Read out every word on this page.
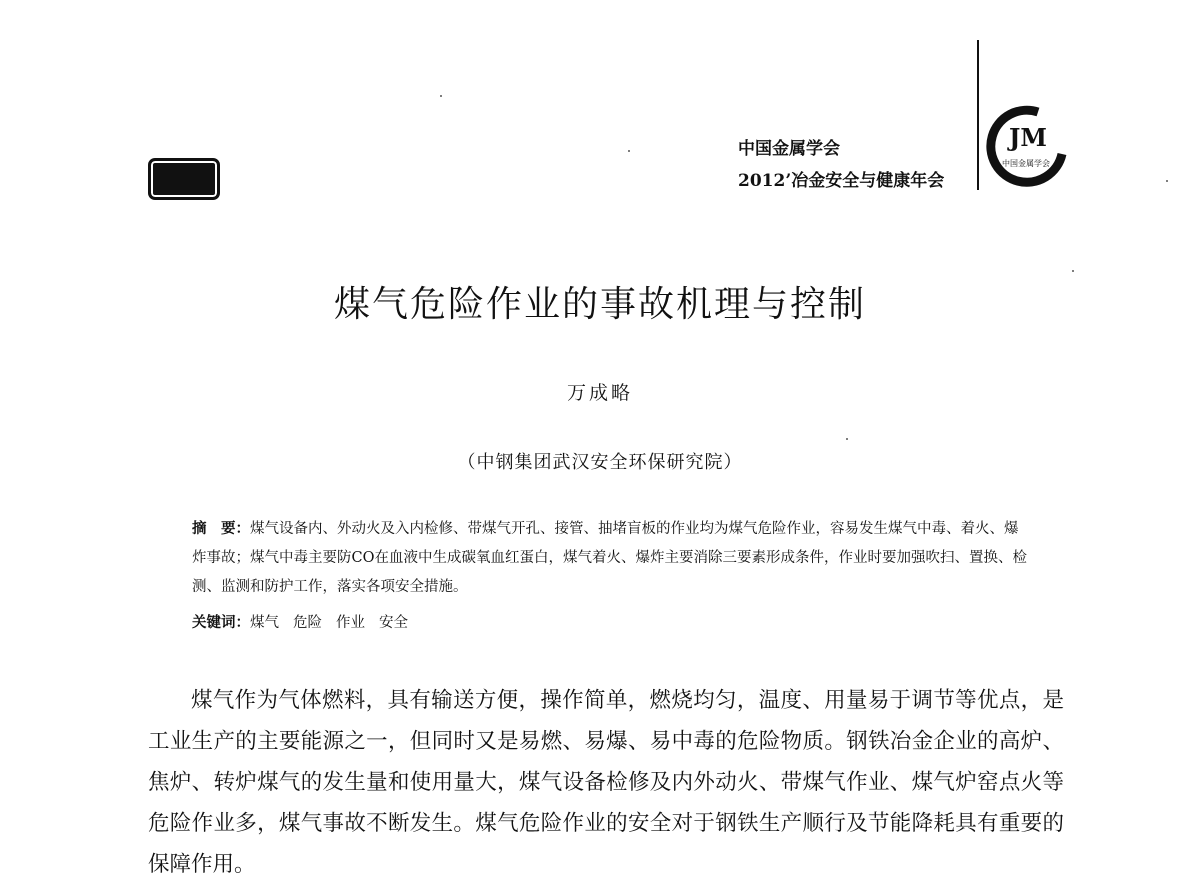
中国金属学会
2012’冶金安全与健康年会
JM
中国金属学会
煤气危险作业的事故机理与控制
万成略
（中钢集团武汉安全环保研究院）
摘　要：煤气设备内、外动火及入内检修、带煤气开孔、接管、抽堵盲板的作业均为煤气危险作业，容易发生煤气中毒、着火、爆炸事故；煤气中毒主要防CO在血液中生成碳氧血红蛋白，煤气着火、爆炸主要消除三要素形成条件，作业时要加强吹扫、置换、检测、监测和防护工作，落实各项安全措施。
关键词：煤气 危险 作业 安全
煤气作为气体燃料，具有输送方便，操作简单，燃烧均匀，温度、用量易于调节等优点，是工业生产的主要能源之一，但同时又是易燃、易爆、易中毒的危险物质。钢铁冶金企业的高炉、焦炉、转炉煤气的发生量和使用量大，煤气设备检修及内外动火、带煤气作业、煤气炉窑点火等危险作业多，煤气事故不断发生。煤气危险作业的安全对于钢铁生产顺行及节能降耗具有重要的保障作用。
